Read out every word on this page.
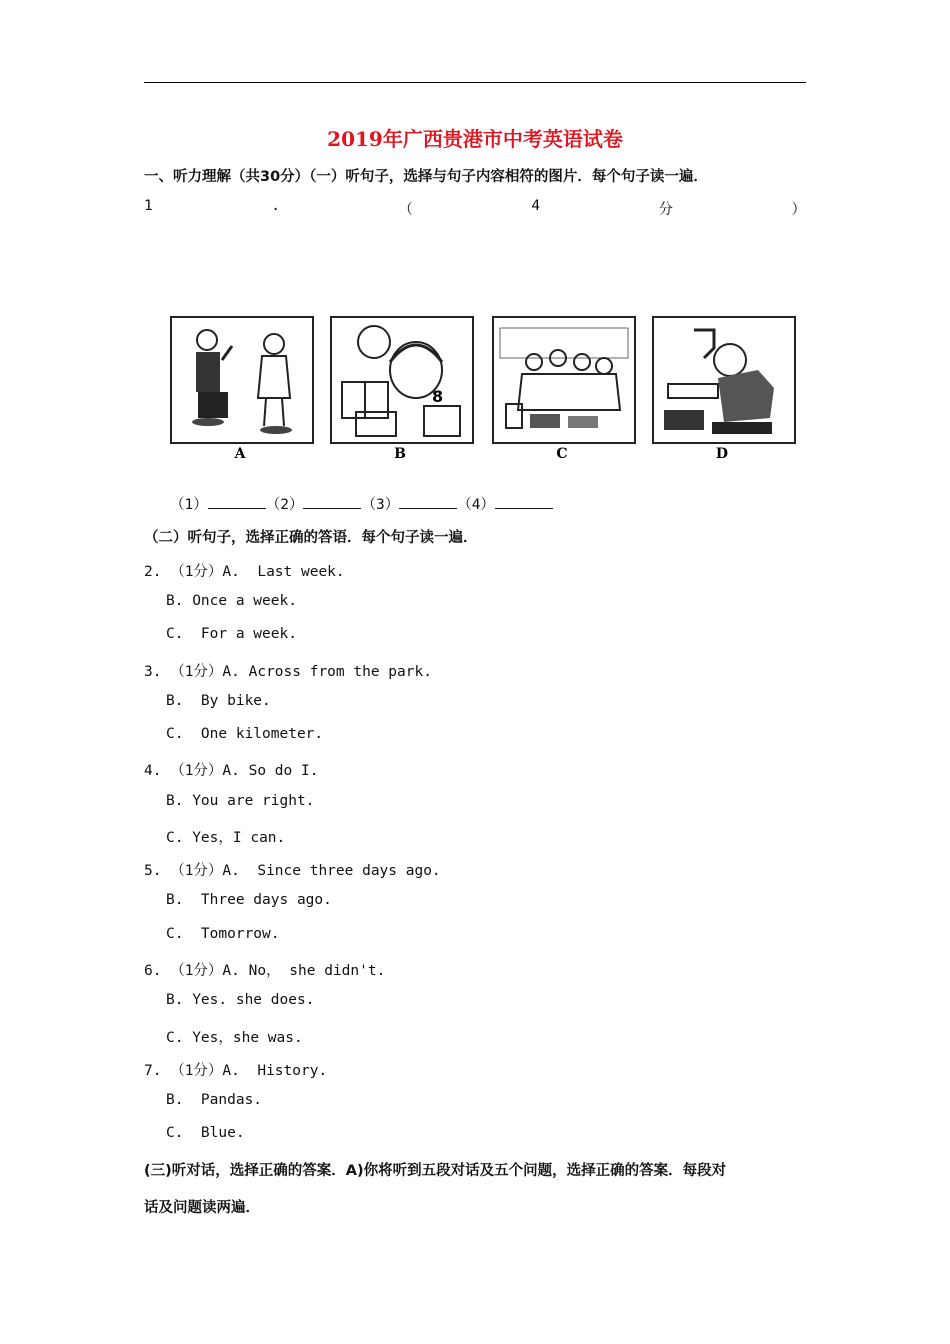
2019年广西贵港市中考英语试卷
一、听力理解（共30分）（一）听句子，选择与句子内容相符的图片．每个句子读一遍．
1	.	（	4	分	）
A
8
B	C	D
（1）	（2）	（3）	（4）
（二）听句子，选择正确的答语．每个句子读一遍．
2. （1分）A.  Last week.
B. Once a week.
C.  For a week.
3. （1分）A. Across from the park.
B.  By bike.
C.  One kilometer.
4. （1分）A. So do I.
B. You are right.
C. Yes，I can.
5. （1分）A.  Since three days ago.
B.  Three days ago.
C.  Tomorrow.
6. （1分）A. No， she didn't.
B. Yes. she does.
C. Yes，she was.
7. （1分）A.  History.
B.  Pandas.
C.  Blue.
(三)听对话，选择正确的答案．A)你将听到五段对话及五个问题，选择正确的答案．每段对
话及问题读两遍．
